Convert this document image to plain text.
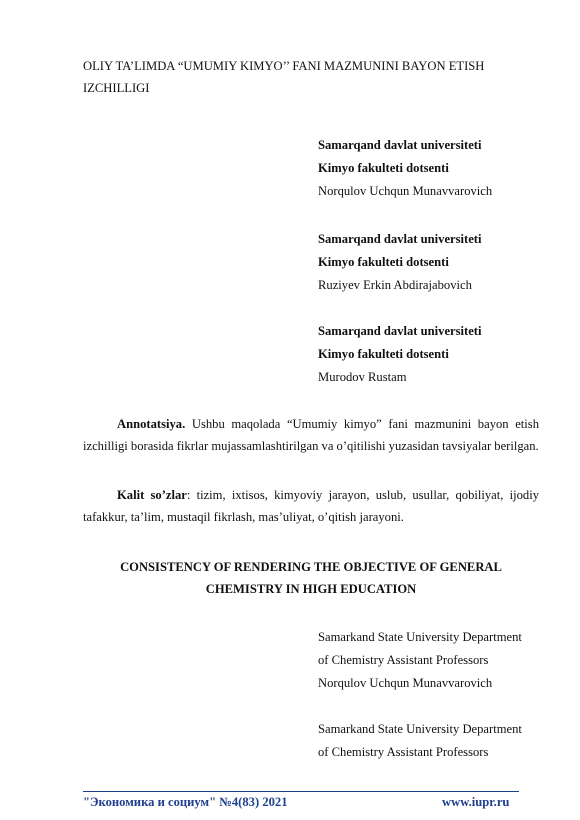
OLIY TA’LIMDA “UMUMIY KIMYO’’ FANI MAZMUNINI BAYON ETISH IZCHILLIGI
Samarqand davlat universiteti
Kimyo fakulteti dotsenti
Norqulov Uchqun Munavvarovich
Samarqand davlat universiteti
Kimyo fakulteti dotsenti
Ruziyev Erkin Abdirajabovich
Samarqand davlat universiteti
Kimyo fakulteti dotsenti
Murodov Rustam
Annotatsiya. Ushbu maqolada “Umumiy kimyo” fani mazmunini bayon etish izchilligi borasida fikrlar mujassamlashtirilgan va o’qitilishi yuzasidan tavsiyalar berilgan.
Kalit so’zlar: tizim, ixtisos, kimyoviy jarayon, uslub, usullar, qobiliyat, ijodiy tafakkur, ta’lim, mustaqil fikrlash, mas’uliyat, o’qitish jarayoni.
CONSISTENCY OF RENDERING THE OBJECTIVE OF GENERAL CHEMISTRY IN HIGH EDUCATION
Samarkand State University Department
of Chemistry Assistant Professors
Norqulov Uchqun Munavvarovich
Samarkand State University Department
of Chemistry Assistant Professors
"Экономика и социум" №4(83) 2021	www.iupr.ru
